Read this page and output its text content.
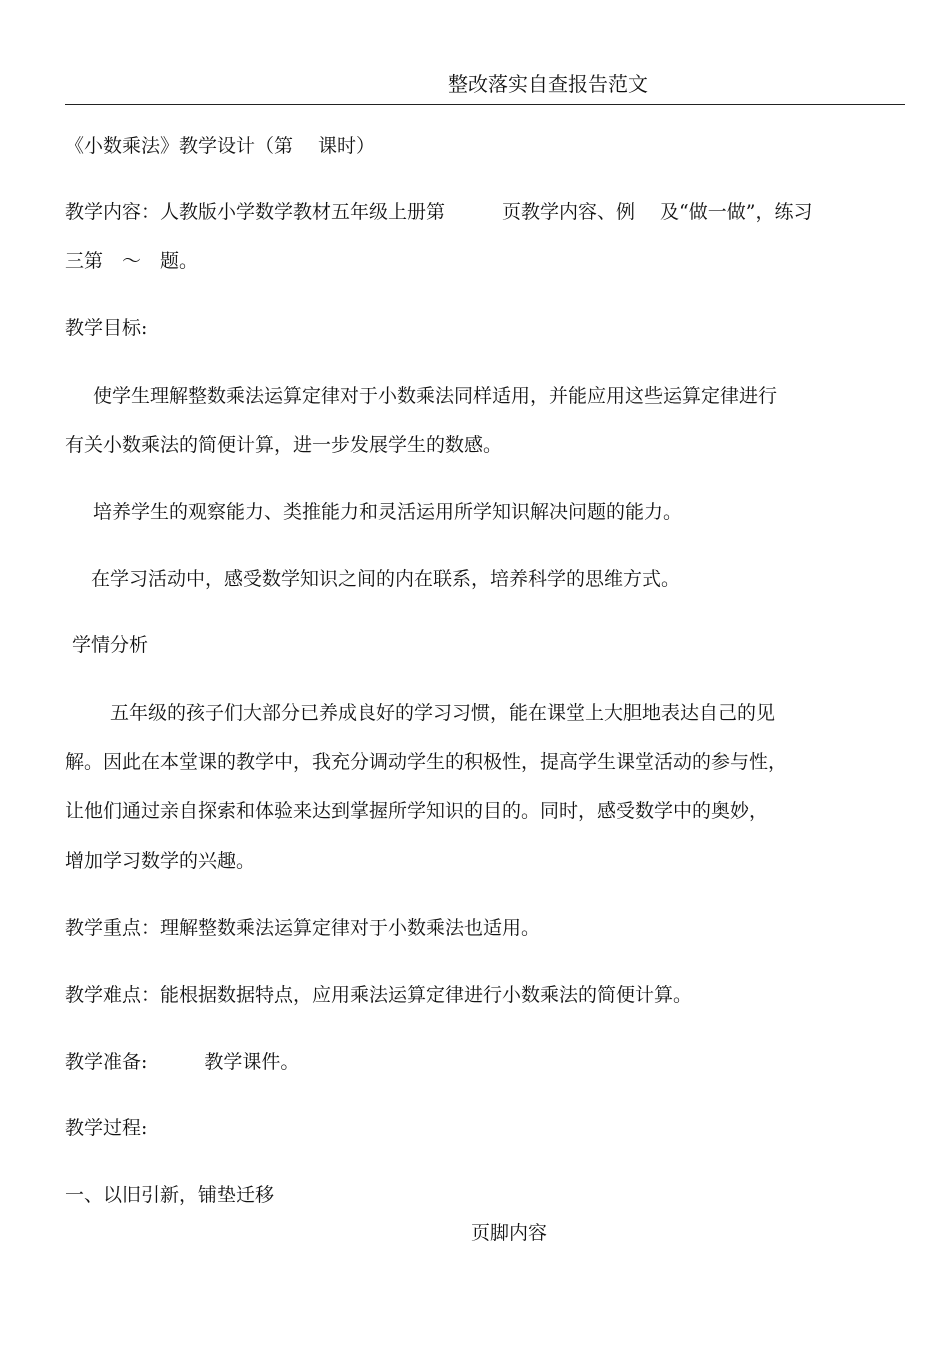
整改落实自查报告范文
《小数乘法》教学设计（第　 课时）
教学内容：人教版小学数学教材五年级上册第　　　页教学内容、例　 及“做一做”，练习
三第　～　题。
教学目标:
使学生理解整数乘法运算定律对于小数乘法同样适用，并能应用这些运算定律进行
有关小数乘法的简便计算，进一步发展学生的数感。
培养学生的观察能力、类推能力和灵活运用所学知识解决问题的能力。
在学习活动中，感受数学知识之间的内在联系，培养科学的思维方式。
学情分析
五年级的孩子们大部分已养成良好的学习习惯，能在课堂上大胆地表达自己的见
解。因此在本堂课的教学中，我充分调动学生的积极性，提高学生课堂活动的参与性，
让他们通过亲自探索和体验来达到掌握所学知识的目的。同时，感受数学中的奥妙，
增加学习数学的兴趣。
教学重点：理解整数乘法运算定律对于小数乘法也适用。
教学难点：能根据数据特点，应用乘法运算定律进行小数乘法的简便计算。
教学准备:　　　教学课件。
教学过程:
一、以旧引新，铺垫迁移
页脚内容
